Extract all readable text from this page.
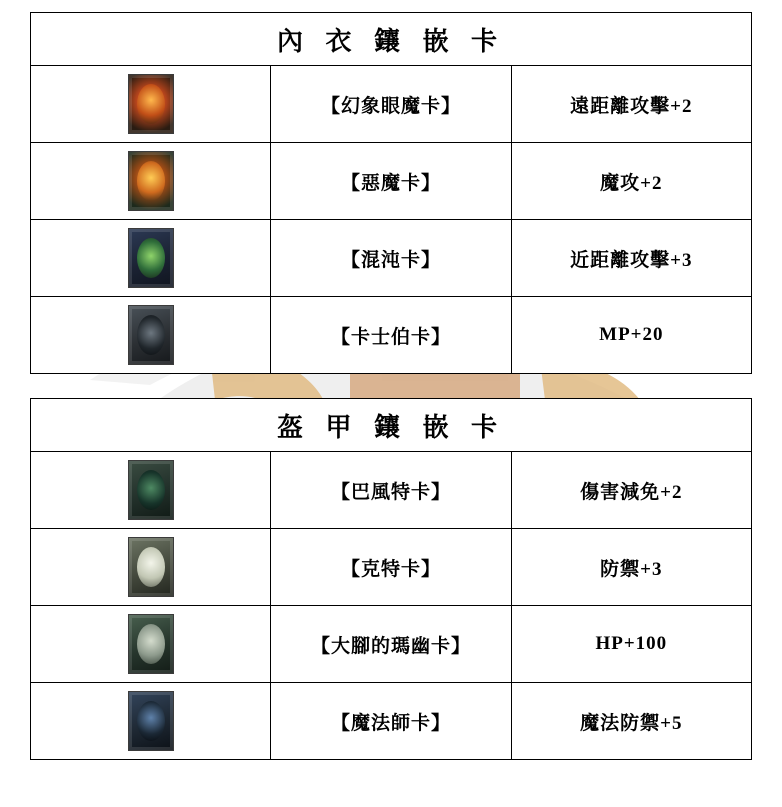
內 衣 鑲 嵌 卡		

	【幻象眼魔卡】	遠距離攻擊+2

	【惡魔卡】	魔攻+2

	【混沌卡】	近距離攻擊+3

	【卡士伯卡】	MP+20
盔 甲 鑲 嵌 卡		

	【巴風特卡】	傷害減免+2

	【克特卡】	防禦+3

	【大腳的瑪幽卡】	HP+100

	【魔法師卡】	魔法防禦+5
